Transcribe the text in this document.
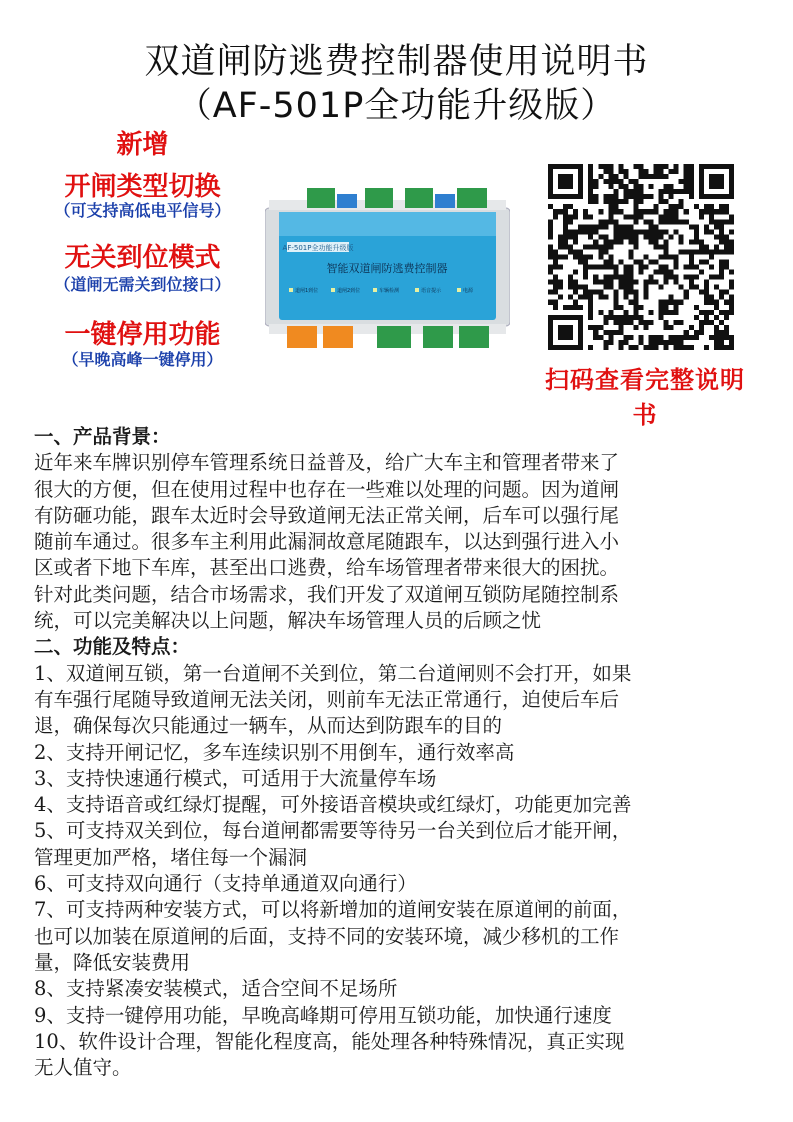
双道闸防逃费控制器使用说明书
（AF-501P全功能升级版）
新增
开闸类型切换
（可支持高低电平信号）
无关到位模式
（道闸无需关到位接口）
一键停用功能
（早晚高峰一键停用）
AF-501P全功能升级版
智能双道闸防逃费控制器
道闸1到位	道闸2到位	车辆检测	语音提示	电源
扫码查看完整说明书
一、产品背景：
近年来车牌识别停车管理系统日益普及，给广大车主和管理者带来了
很大的方便，但在使用过程中也存在一些难以处理的问题。因为道闸
有防砸功能，跟车太近时会导致道闸无法正常关闸，后车可以强行尾
随前车通过。很多车主利用此漏洞故意尾随跟车，以达到强行进入小
区或者下地下车库，甚至出口逃费，给车场管理者带来很大的困扰。
针对此类问题，结合市场需求，我们开发了双道闸互锁防尾随控制系
统，可以完美解决以上问题，解决车场管理人员的后顾之忧
二、功能及特点：
1、双道闸互锁，第一台道闸不关到位，第二台道闸则不会打开，如果
有车强行尾随导致道闸无法关闭，则前车无法正常通行，迫使后车后
退，确保每次只能通过一辆车，从而达到防跟车的目的
2、支持开闸记忆，多车连续识别不用倒车，通行效率高
3、支持快速通行模式，可适用于大流量停车场
4、支持语音或红绿灯提醒，可外接语音模块或红绿灯，功能更加完善
5、可支持双关到位，每台道闸都需要等待另一台关到位后才能开闸，
管理更加严格，堵住每一个漏洞
6、可支持双向通行（支持单通道双向通行）
7、可支持两种安装方式，可以将新增加的道闸安装在原道闸的前面，
也可以加装在原道闸的后面，支持不同的安装环境，减少移机的工作
量，降低安装费用
8、支持紧凑安装模式，适合空间不足场所
9、支持一键停用功能，早晚高峰期可停用互锁功能，加快通行速度
10、软件设计合理，智能化程度高，能处理各种特殊情况，真正实现
无人值守。
